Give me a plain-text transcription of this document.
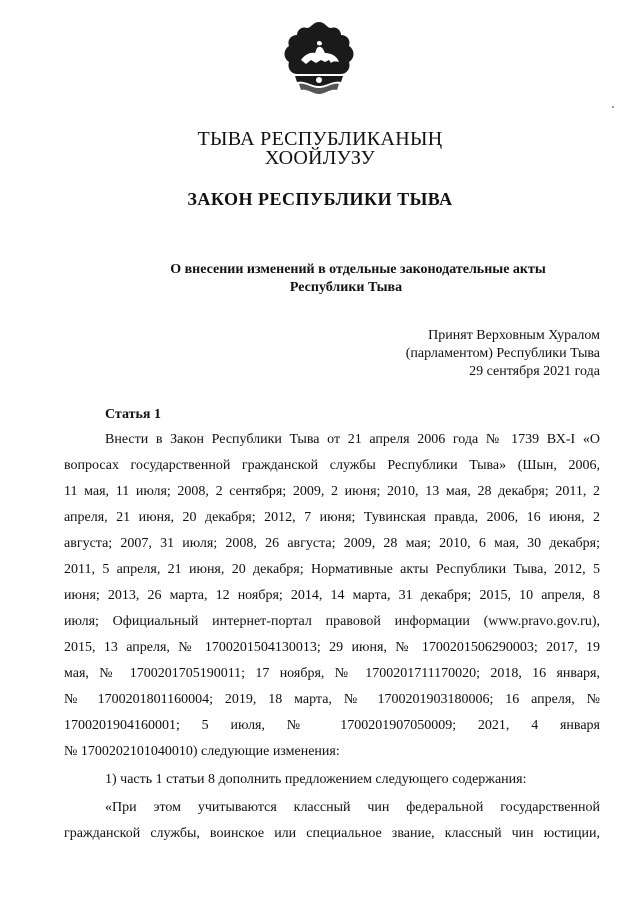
ТЫВА РЕСПУБЛИКАНЫҢ
ХООЙЛУЗУ
ЗАКОН РЕСПУБЛИКИ ТЫВА
О внесении изменений в отдельные законодательные акты
Республики Тыва
Принят Верховным Хуралом
(парламентом) Республики Тыва
29 сентября 2021 года
Статья 1
Внести в Закон Республики Тыва от 21 апреля 2006 года № 1739 ВХ-I «О
вопросах государственной гражданской службы Республики Тыва» (Шын, 2006,
11 мая, 11 июля; 2008, 2 сентября; 2009, 2 июня; 2010, 13 мая, 28 декабря; 2011, 2
апреля, 21 июня, 20 декабря; 2012, 7 июня; Тувинская правда, 2006, 16 июня, 2
августа; 2007, 31 июля; 2008, 26 августа; 2009, 28 мая; 2010, 6 мая, 30 декабря;
2011, 5 апреля, 21 июня, 20 декабря; Нормативные акты Республики Тыва, 2012, 5
июня; 2013, 26 марта, 12 ноября; 2014, 14 марта, 31 декабря; 2015, 10 апреля, 8
июля; Официальный интернет-портал правовой информации (www.pravo.gov.ru),
2015, 13 апреля, № 1700201504130013; 29 июня, № 1700201506290003; 2017, 19
мая, № 1700201705190011; 17 ноября, № 1700201711170020; 2018, 16 января,
№ 1700201801160004; 2019, 18 марта, № 1700201903180006; 16 апреля, №
1700201904160001; 5 июля, № 1700201907050009; 2021, 4 января
№ 1700202101040010) следующие изменения:
1) часть 1 статьи 8 дополнить предложением следующего содержания:
«При этом учитываются классный чин федеральной государственной
гражданской службы, воинское или специальное звание, классный чин юстиции,
